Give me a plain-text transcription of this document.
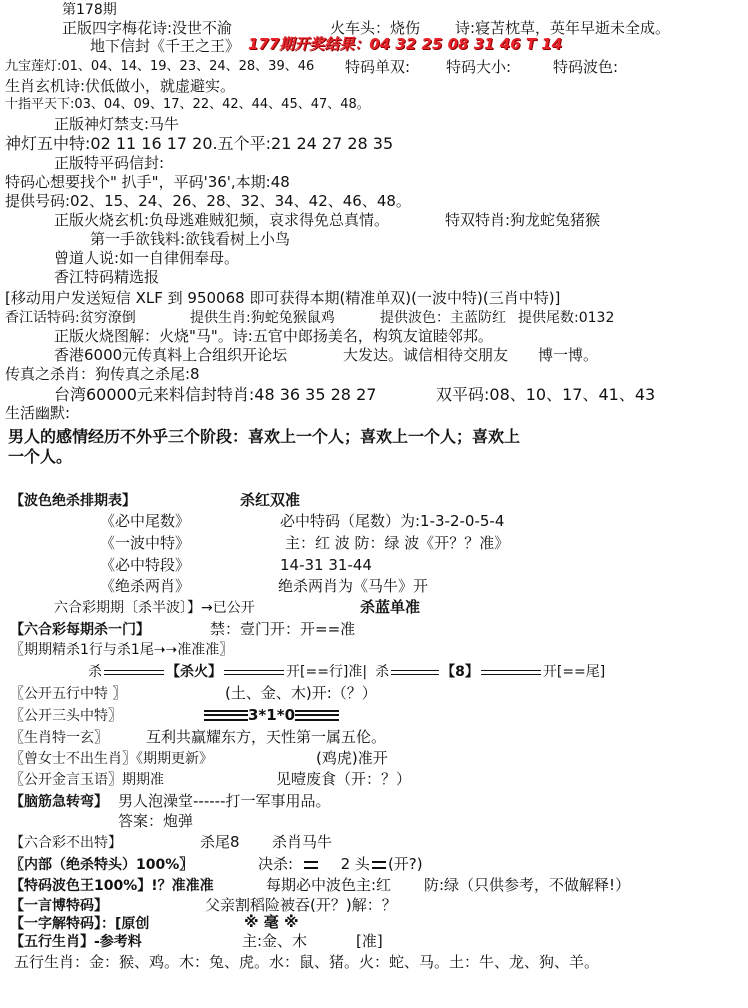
第178期
正版四字梅花诗:没世不渝	火车头：烧伤 诗:寝苫枕草，英年早逝未全成。
地下信封《千王之王》 177期开奖结果：04 32 25 08 31 46 T 14
九宝莲灯:01、04、14、19、23、24、28、39、46 特码单双: 特码大小:	特码波色:
生肖玄机诗:伏低做小，就虚避实。
十指平天下:03、04、09、17、22、42、44、45、47、48。
正版神灯禁支:马牛
神灯五中特:02 11 16 17 20.五个平:21 24 27 28 35
正版特平码信封:
特码心想要找个" 扒手"，平码'36',本期:48
提供号码:02、15、24、26、28、32、34、42、46、48。
正版火烧玄机:负母逃难贼犯频，哀求得免总真情。	特双特肖:狗龙蛇兔猪猴
第一手欲钱料:欲钱看树上小鸟
曾道人说:如一自律佣奉母。
香江特码精选报
[移动用户发送短信 XLF 到 950068 即可获得本期(精准单双)(一波中特)(三肖中特)]
香江话特码:贫穷潦倒	提供生肖:狗蛇兔猴鼠鸡	提供波色：主蓝防红 提供尾数:0132
正版火烧图解：火烧"马"。诗:五官中郎扬美名，构筑友谊睦邻邦。
香港6000元传真料上合组织开论坛	大发达。诚信相待交朋友 博一博。
传真之杀肖：狗传真之杀尾:8
台湾60000元来料信封特肖:48 36 35 28 27	双平码:08、10、17、41、43
生活幽默:
男人的感情经历不外乎三个阶段：喜欢上一个人；喜欢上一个人；喜欢上
一个人。
【波色绝杀排期表】	杀红双准
《必中尾数》	必中特码（尾数）为:1-3-2-0-5-4
《一波中特》	主：红 波 防：绿 波《开？？准》
《必中特段》	14-31 31-44
《绝杀两肖》	绝杀两肖为《马牛》开
六合彩期期〔杀半波〕】→已公开	杀蓝单准
【六合彩每期杀一门】	禁：壹门开：开==准
〖期期精杀1行与杀1尾➝➝准准准〗
杀	【杀火】	开[==行]准| 杀	【8】	开[==尾]
〖公开五行中特 〗	(土、金、木)开:（？）
〖公开三头中特〗	3*1*0
〖生肖特一玄〗	互利共赢耀东方，天性第一属五伦。
〖曾女士不出生肖〗《期期更新》	(鸡虎)准开
〖公开金言玉语〗期期准	见噎废食（开：？）
【脑筋急转弯】 男人泡澡堂------打一军事用品。
答案：炮弹
【六合彩不出特】	杀尾8 杀肖马牛
〖内部（绝杀特头）100%〗	决杀:	2 头 (开?)
【特码波色王100%】!？准准准	每期必中波色主:红 防:绿（只供参考，不做解释!）
【一言博特码】	父亲割稻险被吞(开？)解：？
【一字解特码】：[原创	※ 毫 ※
【五行生肖】-参考料	主:金、木	[准]
五行生肖：金：猴、鸡。木：兔、虎。水：鼠、猪。火：蛇、马。土：牛、龙、狗、羊。
